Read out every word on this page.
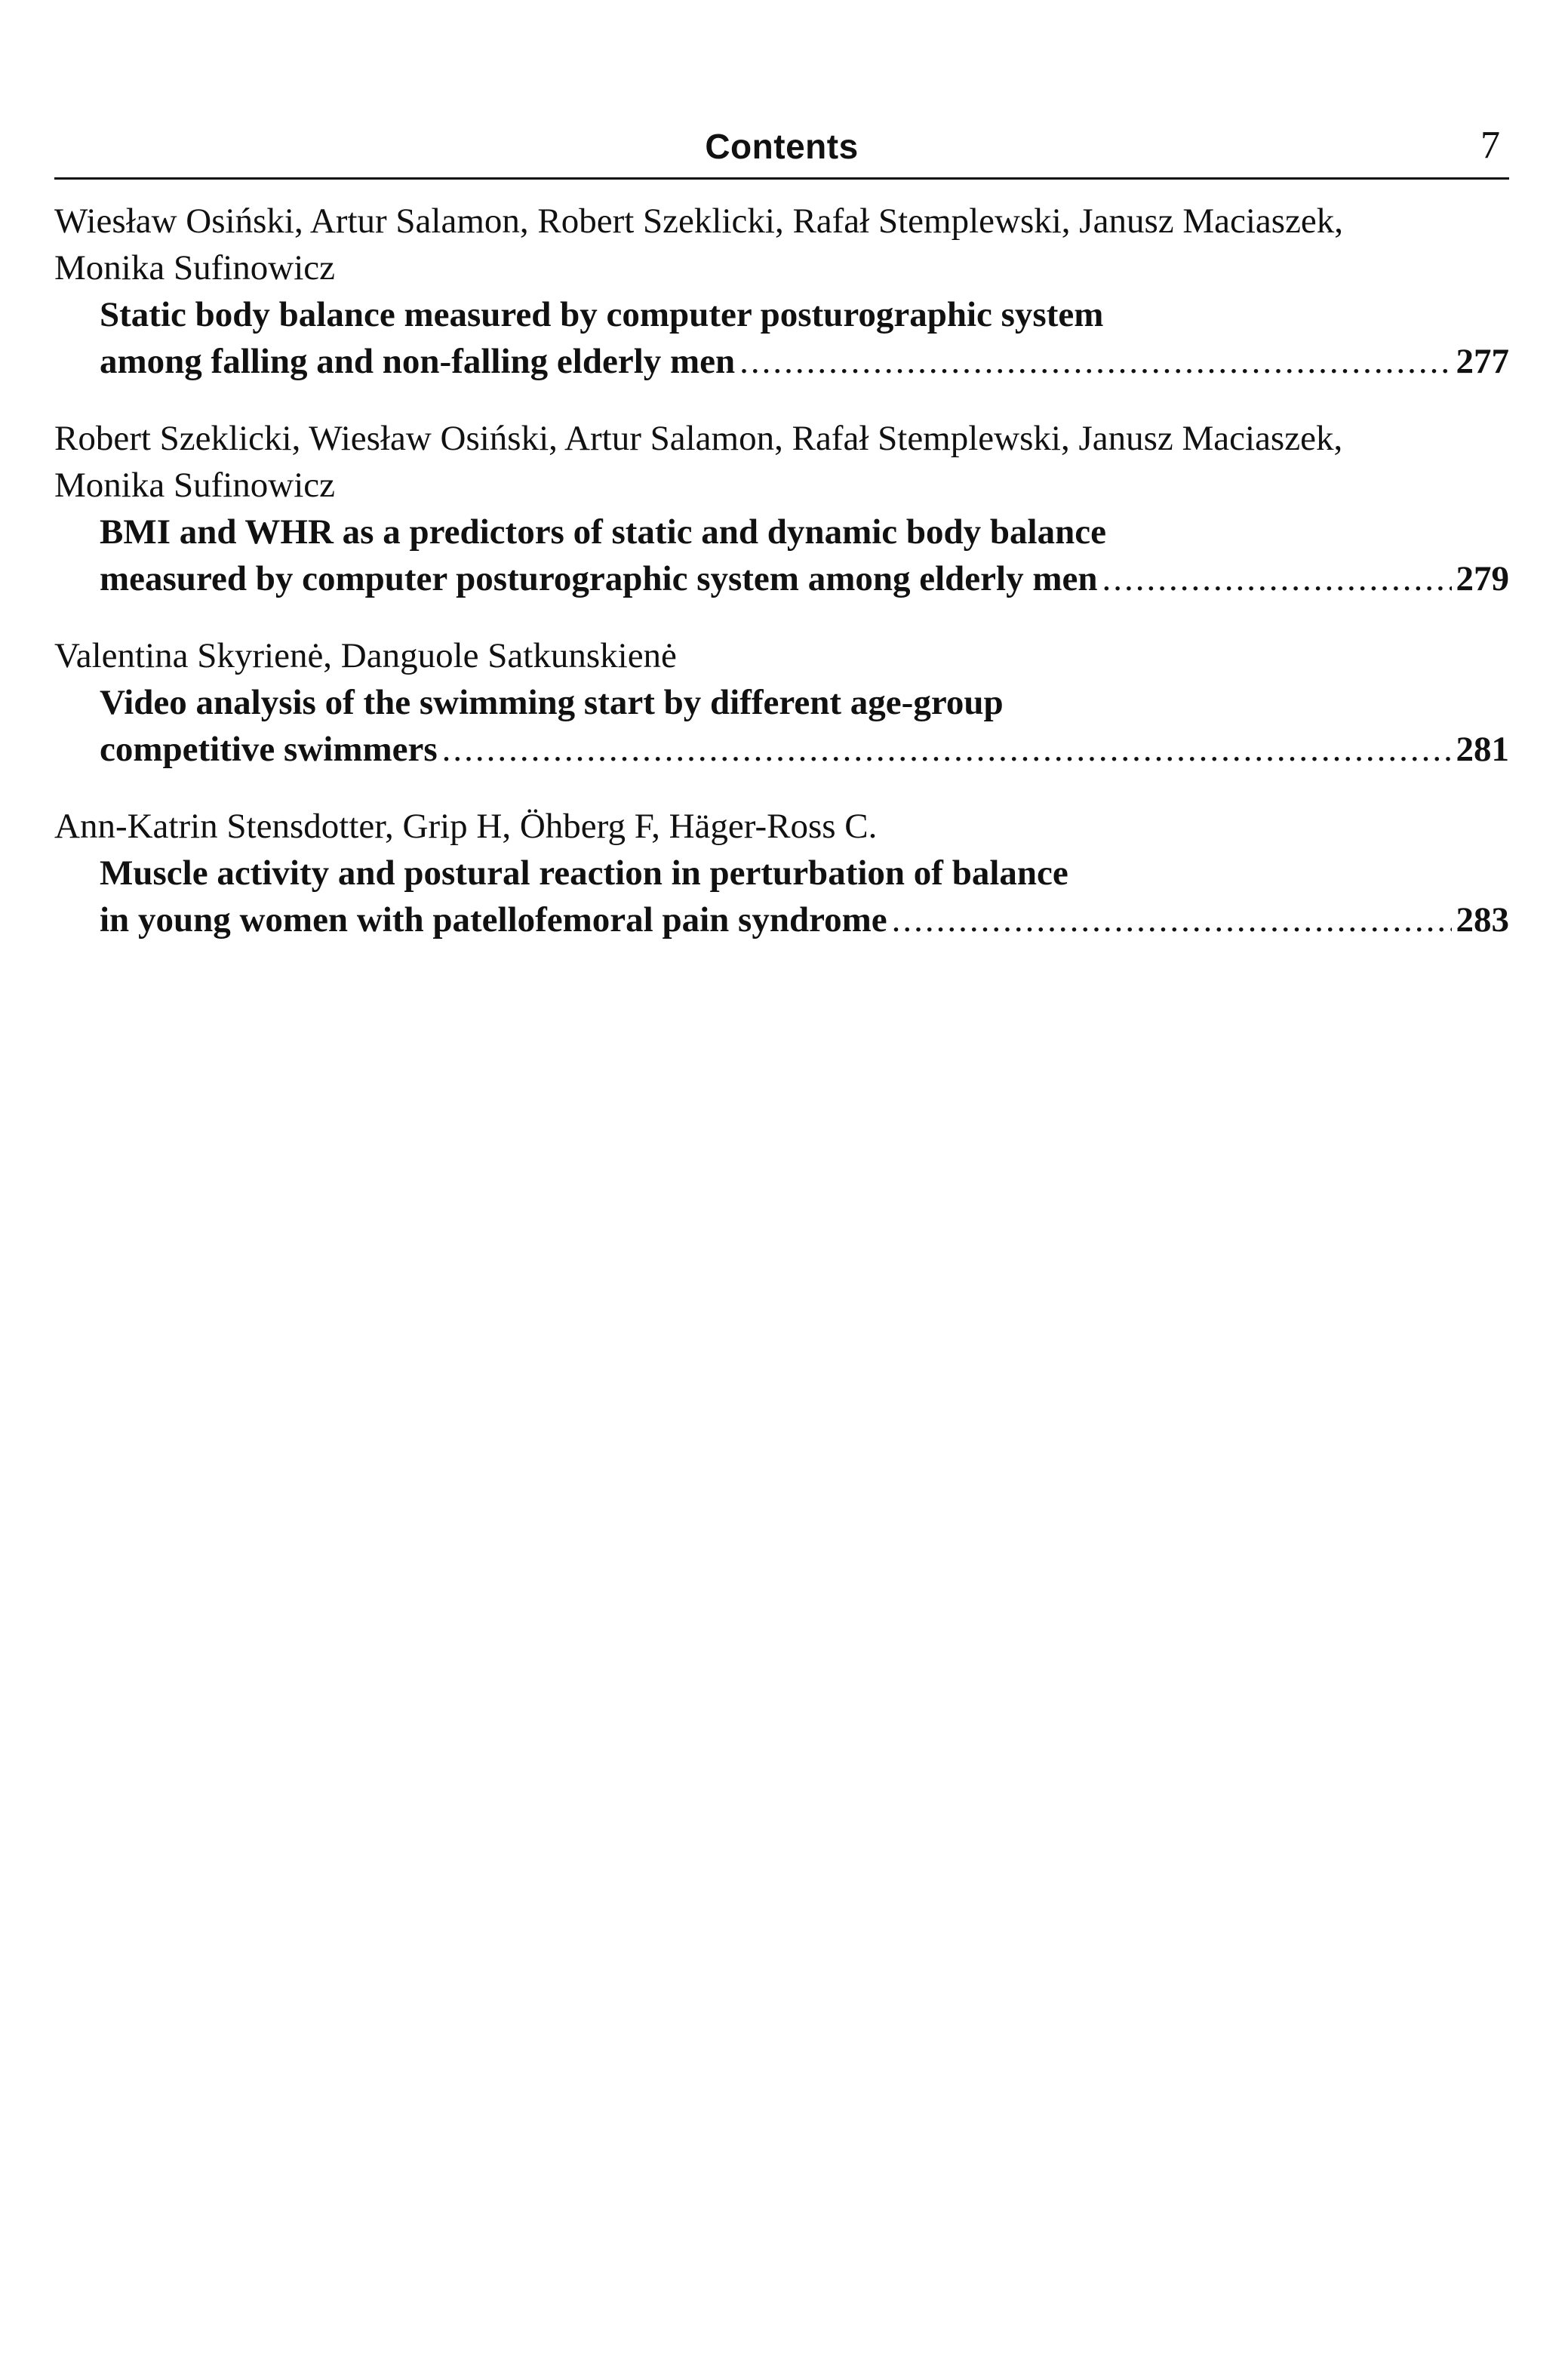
Contents	7
Wiesław Osiński, Artur Salamon, Robert Szeklicki, Rafał Stemplewski, Janusz Maciaszek, Monika Sufinowicz
Static body balance measured by computer posturographic system
among falling and non-falling elderly men .....	277
Robert Szeklicki, Wiesław Osiński, Artur Salamon, Rafał Stemplewski, Janusz Maciaszek, Monika Sufinowicz
BMI and WHR as a predictors of static and dynamic body balance
measured by computer posturographic system among elderly men .....	279
Valentina Skyrienė, Danguole Satkunskienė
Video analysis of the swimming start by different age-group
competitive swimmers .....	281
Ann-Katrin Stensdotter, Grip H, Öhberg F, Häger-Ross C.
Muscle activity and postural reaction in perturbation of balance
in young women with patellofemoral pain syndrome .....	283
